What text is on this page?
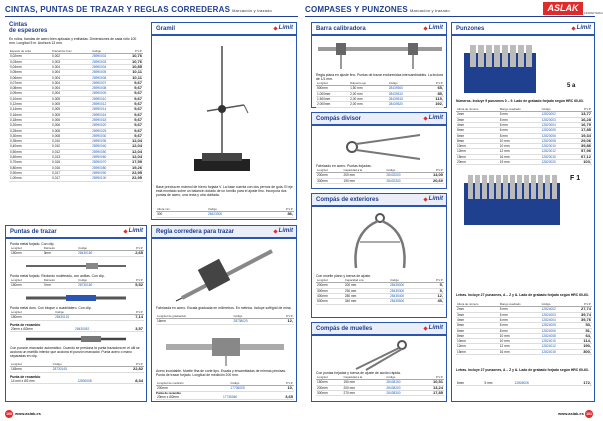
CINTAS, PUNTAS DE TRAZAR Y REGLAS CORREDERAS Marcación y trazado	COMPASES Y PUNZONES Marcación y trazado	ASLAK	FERRETERIA
Cintas
de espesores
En rollos, bandas de acero bien aplicado y enfriadas. Dimensiones de cada rollo 100 mm. Longitud 5 m. Anchura 13 mm.
Espesor de cinta	Tolerancia ±mm	Código	P.V.P.
0,02mm	0,002	28990002	10,76
0,03mm	0,003	28990003	10,76
0,04mm	0,004	28990004	10,85
0,05mm	0,004	28990005	10,11
0,06mm	0,004	28990006	10,11
0,07mm	0,004	28990007	9,67
0,08mm	0,004	28990008	9,67
0,09mm	0,004	28990009	9,67
0,10mm	0,005	28990010	9,67
0,12mm	0,005	28990012	9,67
0,14mm	0,005	28990014	9,67
0,16mm	0,005	28990016	9,67
0,18mm	0,006	28990018	9,67
0,20mm	0,006	28990020	9,67
0,25mm	0,008	28990025	9,67
0,30mm	0,008	28990030	9,67
0,35mm	0,010	28990035	12,04
0,40mm	0,010	28990040	12,04
0,50mm	0,012	28990050	12,04
0,60mm	0,013	28990060	12,04
0,70mm	0,016	28990070	17,59
0,80mm	0,016	28990080	19,26
0,90mm	0,017	28990090	22,95
1,00mm	0,017	28990100	22,95
Gramil	Limit
Base precisa en mármol de hierro forjada V. La base cuenta con dos pernos de guía. El eje está montado sobre un balancín dotado de un tornillo para el ajuste fino. Incorpora dos puntas de acero, una recta y otra doblada.
Altura mm	Código	P.V.P.
300	28423000	86,
Puntas de trazar	Limit
Punta metal forjado. Con clip.
Longitud	Diámetro	Código	P.V.P.
150mm	3mm	28430150	2,65
Punta metal forjado. Redondo moleteado, con anillas. Con clip.
Longitud	Diámetro	Código	P.V.P.
150mm	7mm	28730150	5,52
Punta metal duro. Con bloque o cuadrilátero. Con clip.
Longitud	Código	P.V.P.
150mm	28430151	7,14
Punta de recambio
20mm x Ø2mm	28430052	3,57
Con punzón marcador automático. Cuando se presiona la punta trazadora en el útil se acciona un martillo interior que acciona el punzón marcador. Punta acero o mano separadas en clip.
Longitud	Código	P.V.P.
145mm	28730145	22,82
Punta de recambio
14 mm x Ø2 mm	12830008	8,34
Regla corredera para trazar	Limit
Fabricada en acero. Escala graduada en milímetros. En métrica. Incluye soft/grid de mina.
Longitud de graduación	Código	P.V.P.
16mm	28738020	12,
Acero inoxidable. Muelle fina de corte tipo. Escala y ensambladas de mirmas precisas. Punta de trazar forjado. Longitud de medición 200 mm.
Longitud de medición	Código	P.V.P.
200mm	17736005	10,
Punta de recambio
20mm x Ø2mm	17736060	3,65
Barra calibradora	Limit
Regla plana en ajuste fino. Puntas de trazar endurecidas intercambiables. La lectura de 1/1 mm.
Longitud	Diámetro eje	Código	P.V.P.
500mm	1,50 mm	28439500	65,
1.000mm	2,00 mm	28439510	85,
1.500mm	2,00 mm	28439515	115,
2.000mm	2,00 mm	28439520	192,
Compás divisor	Limit
Fabricado en acero. Puntas forjadas.
Longitud	Capacidad a la	Código	P.V.P.
200mm	200 mm	28432000	14,00
300mm	190 mm	28432300	20,60
Compás de exteriores	Limit
Con muelle plano y tuerca de ajuste.
Longitud	Capacidad a la	Código	P.V.P.
200mm	200 mm	28435000	5,
300mm	230 mm	28435300	5,
400mm	280 mm	28435400	12,
500mm	340 mm	28435500	45,
Compás de muelles	Limit
Con puntas forjadas y tuerca de ajuste de acción rápida.
Longitud	Capacidad a la	Código	P.V.P.
150mm	150 mm	28438150	10,51
200mm	200 mm	28438200	13,24
300mm	270 mm	28438300	17,85
Punzones	Limit
5 a
Números. Incluye 9 punzones 0 – 9. Lado de grabado forjado según HRC 60-63.
Altura de número	Mango cuadrado	Código	P.V.P.
2mm	5 mm	12820002	13,77
3mm	5 mm	12820003	16,28
4mm	6 mm	12820004	16,79
5mm	6 mm	12820005	17,85
6mm	8 mm	12820006	19,34
8mm	10 mm	12820008	29,06
10mm	10 mm	12820010	39,86
12mm	12 mm	12820012	57,96
15mm	16 mm	12820015	67,12
20mm	19 mm	12820020	103,
F 1
Letras. Incluye 27 punzones, A – Z y &. Lado de grabado forjado según HRC 60-63.
Altura de número	Mango cuadrado	Código	P.V.P.
2mm	5 mm	12824002	27,74
3mm	5 mm	12824003	39,74
4mm	6 mm	12824004	39,76
5mm	6 mm	12824005	53,
6mm	8 mm	12824006	51,
8mm	10 mm	12824008	64,
10mm	10 mm	12824010	114,
12mm	12 mm	12824012	190,
15mm	16 mm	12824015	300,
Letras. Incluye 27 punzones, A – Z y &. Lado de grabado forjado según HRC 60-63.
6mm	5 mm	12826006	172,
100 www.aslak.es	www.aslak.es 101
